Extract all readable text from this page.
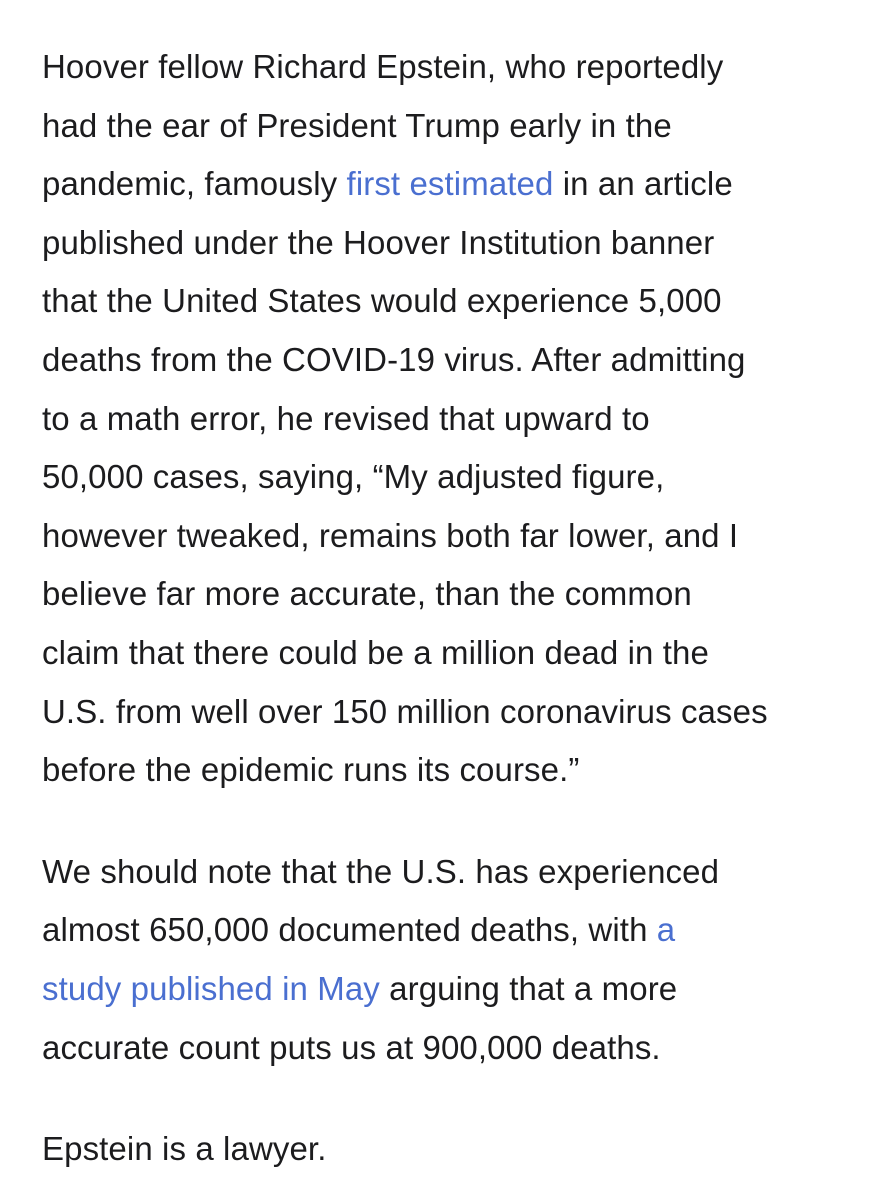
Hoover fellow Richard Epstein, who reportedly
had the ear of President Trump early in the
pandemic, famously first estimated in an article
published under the Hoover Institution banner
that the United States would experience 5,000
deaths from the COVID-19 virus. After admitting
to a math error, he revised that upward to
50,000 cases, saying, “My adjusted figure,
however tweaked, remains both far lower, and I
believe far more accurate, than the common
claim that there could be a million dead in the
U.S. from well over 150 million coronavirus cases
before the epidemic runs its course.”

We should note that the U.S. has experienced
almost 650,000 documented deaths, with a
study published in May arguing that a more
accurate count puts us at 900,000 deaths.

Epstein is a lawyer.
